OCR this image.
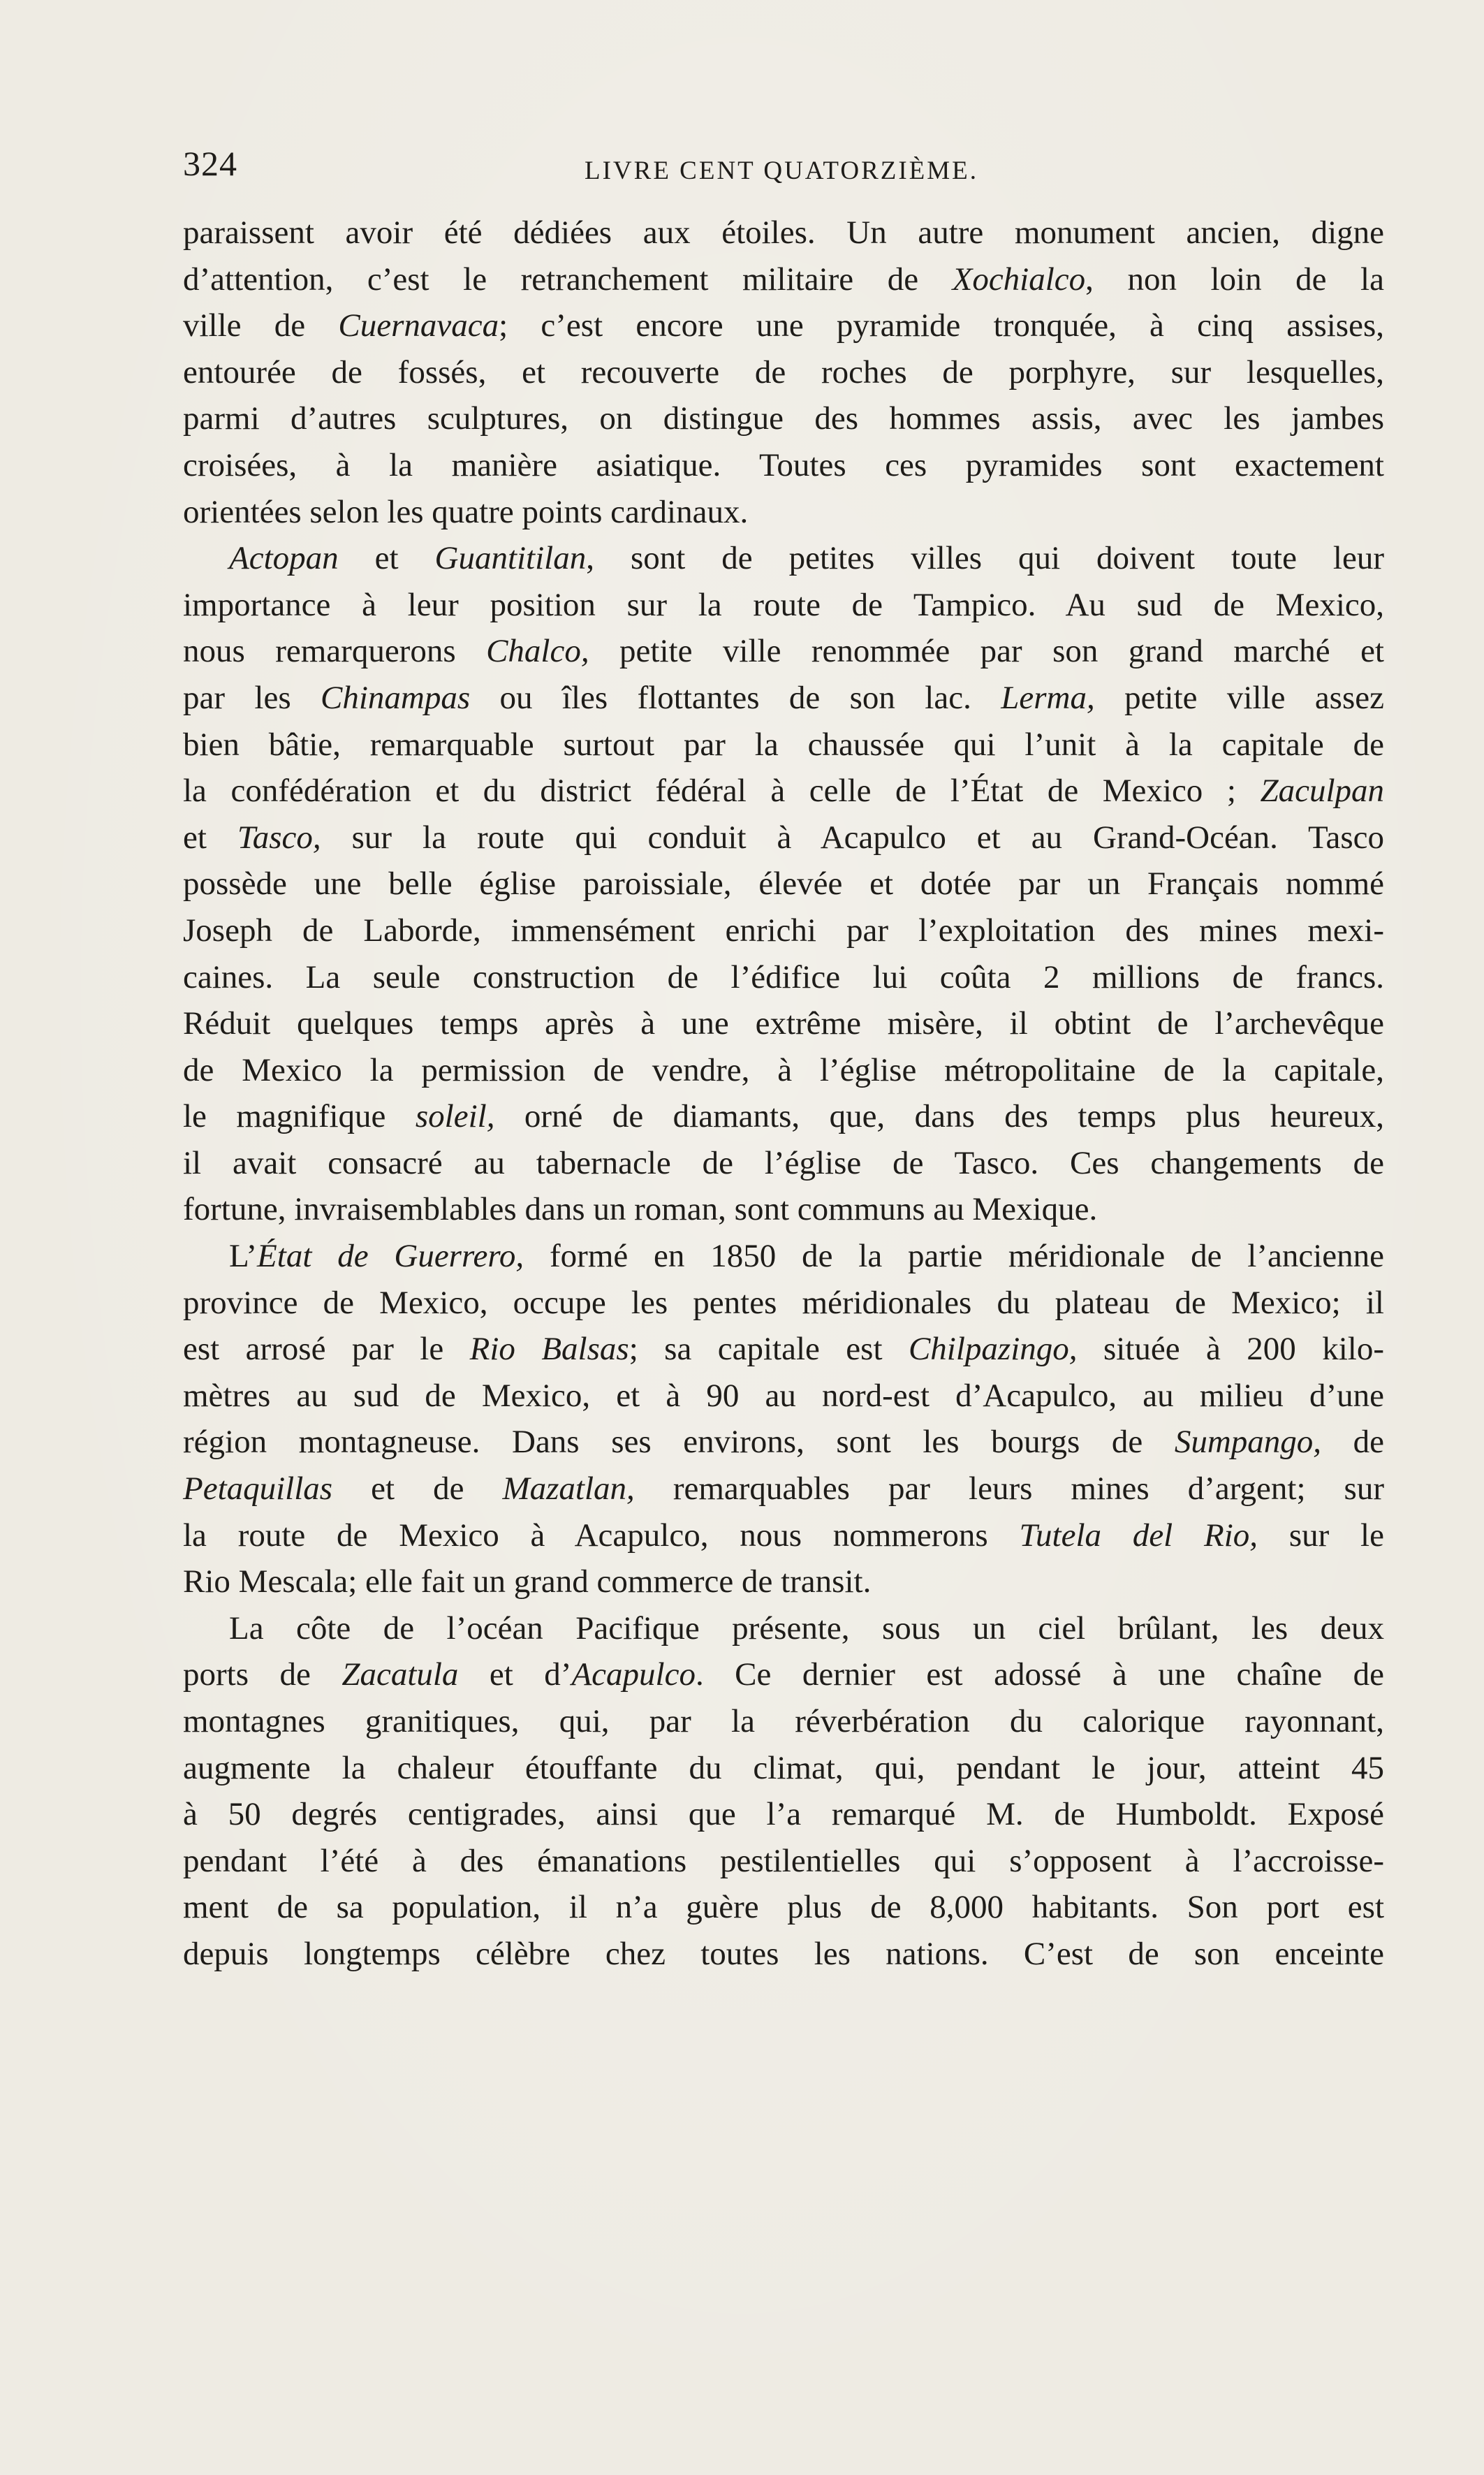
324	LIVRE CENT QUATORZIÈME.
paraissent avoir été dédiées aux étoiles. Un autre monument ancien, digne
d’attention, c’est le retranchement militaire de Xochialco, non loin de la
ville de Cuernavaca; c’est encore une pyramide tronquée, à cinq assises,
entourée de fossés, et recouverte de roches de porphyre, sur lesquelles,
parmi d’autres sculptures, on distingue des hommes assis, avec les jambes
croisées, à la manière asiatique. Toutes ces pyramides sont exactement
orientées selon les quatre points cardinaux.
Actopan et Guantitilan, sont de petites villes qui doivent toute leur
importance à leur position sur la route de Tampico. Au sud de Mexico,
nous remarquerons Chalco, petite ville renommée par son grand marché et
par les Chinampas ou îles flottantes de son lac. Lerma, petite ville assez
bien bâtie, remarquable surtout par la chaussée qui l’unit à la capitale de
la confédération et du district fédéral à celle de l’État de Mexico ; Zaculpan
et Tasco, sur la route qui conduit à Acapulco et au Grand-Océan. Tasco
possède une belle église paroissiale, élevée et dotée par un Français nommé
Joseph de Laborde, immensément enrichi par l’exploitation des mines mexi-
caines. La seule construction de l’édifice lui coûta 2 millions de francs.
Réduit quelques temps après à une extrême misère, il obtint de l’archevêque
de Mexico la permission de vendre, à l’église métropolitaine de la capitale,
le magnifique soleil, orné de diamants, que, dans des temps plus heureux,
il avait consacré au tabernacle de l’église de Tasco. Ces changements de
fortune, invraisemblables dans un roman, sont communs au Mexique.
L’État de Guerrero, formé en 1850 de la partie méridionale de l’ancienne
province de Mexico, occupe les pentes méridionales du plateau de Mexico; il
est arrosé par le Rio Balsas; sa capitale est Chilpazingo, située à 200 kilo-
mètres au sud de Mexico, et à 90 au nord-est d’Acapulco, au milieu d’une
région montagneuse. Dans ses environs, sont les bourgs de Sumpango, de
Petaquillas et de Mazatlan, remarquables par leurs mines d’argent; sur
la route de Mexico à Acapulco, nous nommerons Tutela del Rio, sur le
Rio Mescala; elle fait un grand commerce de transit.
La côte de l’océan Pacifique présente, sous un ciel brûlant, les deux
ports de Zacatula et d’Acapulco. Ce dernier est adossé à une chaîne de
montagnes granitiques, qui, par la réverbération du calorique rayonnant,
augmente la chaleur étouffante du climat, qui, pendant le jour, atteint 45
à 50 degrés centigrades, ainsi que l’a remarqué M. de Humboldt. Exposé
pendant l’été à des émanations pestilentielles qui s’opposent à l’accroisse-
ment de sa population, il n’a guère plus de 8,000 habitants. Son port est
depuis longtemps célèbre chez toutes les nations. C’est de son enceinte
